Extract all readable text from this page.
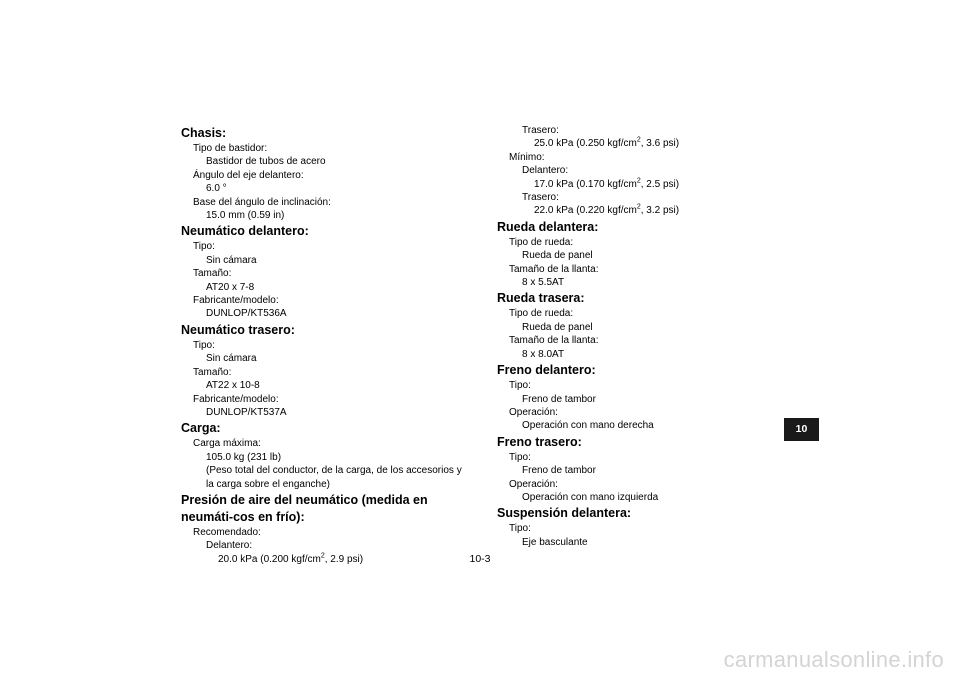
Chasis:
Tipo de bastidor:
Bastidor de tubos de acero
Ángulo del eje delantero:
6.0 °
Base del ángulo de inclinación:
15.0 mm (0.59 in)
Neumático delantero:
Tipo:
Sin cámara
Tamaño:
AT20 x 7-8
Fabricante/modelo:
DUNLOP/KT536A
Neumático trasero:
Tipo:
Sin cámara
Tamaño:
AT22 x 10-8
Fabricante/modelo:
DUNLOP/KT537A
Carga:
Carga máxima:
105.0 kg (231 lb)
(Peso total del conductor, de la carga, de los accesorios y la carga sobre el enganche)
Presión de aire del neumático (medida en neumáti-cos en frío):
Recomendado:
Delantero:
20.0 kPa (0.200 kgf/$cm^2$, 2.9 psi)
Trasero:
25.0 kPa (0.250 kgf/$cm^2$, 3.6 psi)
Mínimo:
Delantero:
17.0 kPa (0.170 kgf/$cm^2$, 2.5 psi)
Trasero:
22.0 kPa (0.220 kgf/$cm^2$, 3.2 psi)
Rueda delantera:
Tipo de rueda:
Rueda de panel
Tamaño de la llanta:
8 x 5.5AT
Rueda trasera:
Tipo de rueda:
Rueda de panel
Tamaño de la llanta:
8 x 8.0AT
Freno delantero:
Tipo:
Freno de tambor
Operación:
Operación con mano derecha
Freno trasero:
Tipo:
Freno de tambor
Operación:
Operación con mano izquierda
Suspensión delantera:
Tipo:
Eje basculante
10
10-3
carmanualsonline.info
